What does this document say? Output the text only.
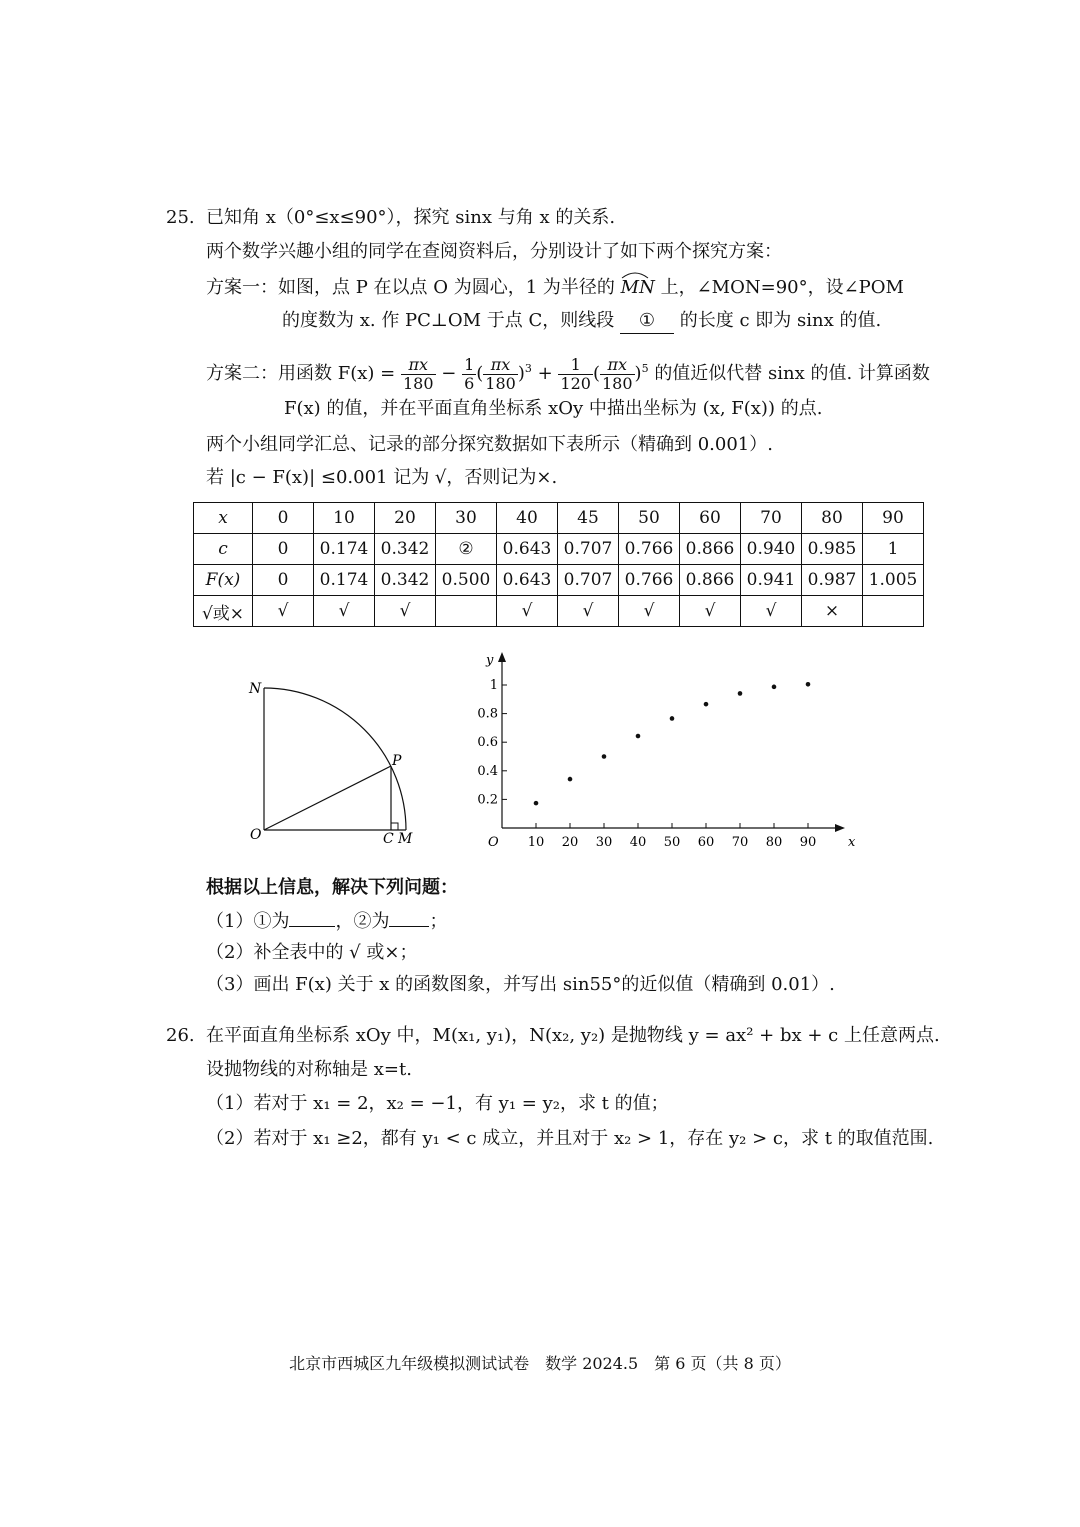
25. 已知角 x（0°≤x≤90°），探究 sinx 与角 x 的关系.
两个数学兴趣小组的同学在查阅资料后，分别设计了如下两个探究方案：
方案一：如图，点 P 在以点 O 为圆心，1 为半径的 MN 上，∠MON=90°，设∠POM
的度数为 x. 作 PC⊥OM 于点 C，则线段 ① 的长度 c 即为 sinx 的值.
方案二：用函数 $F(x) = \frac{\pi x}{180} - \frac{1}{6}$ ( $\frac{\pi x}{180} )^3 + \frac{1}{120}$ ( $\frac{\pi x}{180} )^5$ 的值近似代替 sinx 的值. 计算函数
F(x) 的值，并在平面直角坐标系 xOy 中描出坐标为 (x, F(x)) 的点.
两个小组同学汇总、记录的部分探究数据如下表所示（精确到 0.001）.
若 |c − F(x)| ≤0.001 记为 √，否则记为×.
x	0	10	20	30	40	45	50	60	70	80	90
c	0	0.174	0.342	②	0.643	0.707	0.766	0.866	0.940	0.985	1
F(x)	0	0.174	0.342	0.500	0.643	0.707	0.766	0.866	0.941	0.987	1.005
√或×	√	√	√		√	√	√	√	√	×	
N
P
O	C M	x
y
O 10 20 30 40 50 60 70 80 90
0.2
0.4
0.6
0.8
1
根据以上信息，解决下列问题：
（1）①为	，②为 ；
（2）补全表中的 √ 或×；
（3）画出 F(x) 关于 x 的函数图象，并写出 sin55°的近似值（精确到 0.01）.
26. 在平面直角坐标系 xOy 中，M(x₁, y₁)，N(x₂, y₂) 是抛物线 y = ax² + bx + c 上任意两点.
设抛物线的对称轴是 x=t.
（1）若对于 x₁ = 2，x₂ = −1，有 y₁ = y₂，求 t 的值；
（2）若对于 x₁ ≥2，都有 y₁ < c 成立，并且对于 x₂ > 1，存在 y₂ > c，求 t 的取值范围.
北京市西城区九年级模拟测试试卷　数学 2024.5　第 6 页（共 8 页）
